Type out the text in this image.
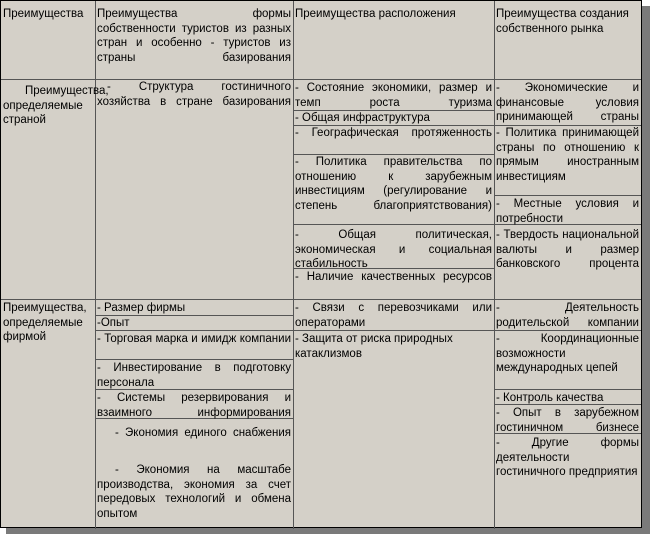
Преимущества	Преимущества формы собственности туристов из разных стран и особенно - туристов из страны базирования
Преимущества расположения	Преимущества создания собственного рынка
Преимущества, определяемые страной
- Структура гостиничного хозяйства в стране базирования
- Состояние экономики, размер и темп роста туризма
- Общая инфраструктура
- Географическая протяженность
- Политика правительства по отношению к зарубежным инвестициям (регулирование и степень благоприятствования)
- Общая политическая, экономическая и социальная стабильность
- Наличие качественных ресурсов
- Экономические и финансовые условия принимающей страны
- Политика принимающей страны по отношению к прямым иностранным инвестициям
- Местные условия и потребности
- Твердость национальной валюты и размер банковского процента
Преимущества, определяемые фирмой
- Размер фирмы
-Опыт
- Торговая марка и имидж компании
- Инвестирование в подготовку персонала
- Системы резервирования и взаимного информирования
- Экономия единого снабжения
- Экономия на масштабе производства, экономия за счет передовых технологий и обмена опытом
- Связи с перевозчиками или операторами
- Защита от риска природных катаклизмов
- Деятельность родительской компании
- Координационные возможности международных цепей
- Контроль качества
- Опыт в зарубежном гостиничном бизнесе
- Другие формы деятельности гостиничного предприятия
